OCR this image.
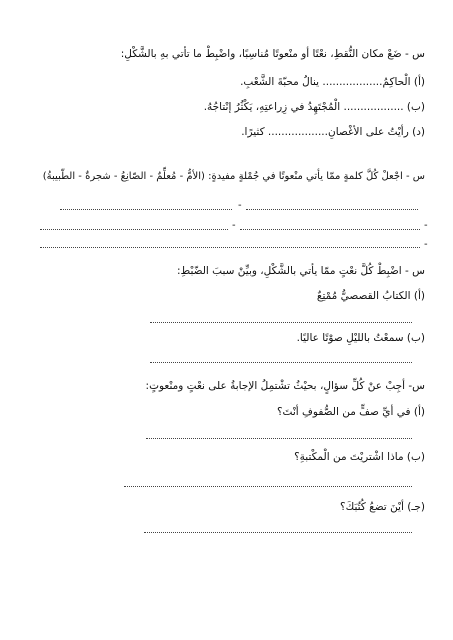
س - ضَعْ مكان النُّقطِ، نعْتًا أو منْعوتًا مُناسِبًا، واضْبِطْ ما تأتي بهِ بالشَّكْلِ:
(أ) الْحاكِمُ.................. ينالُ محبّةَ الشَّعْبِ.
(ب) .................. الْمُجْتَهِدُ في زِراعتِهِ، يَكْثُرُ إنْتاجُهُ.
(د) رأيْتُ على الأغْصانِ.................. كثيرًا.
س - اجْعلْ كُلَّ كلمةٍ ممّا يأتي منْعوتًا في جُمْلةٍ مفيدةٍ: (الأمُّ - مُعلِّمٌ - الصّانِعُ - شجرةٌ - الطّبيبةُ)
-
-	-
-
س - اضْبِطْ كُلَّ نعْتٍ ممّا يأتي بالشَّكْلِ، وبيِّنْ سببَ الضّبْطِ:
(أ) الكتابُ القصصيُّ مُمْتِعٌ
(ب) سمعْتُ بالليْلِ صوْتًا عاليًا.
س- أجِبْ عنْ كُلِّ سؤالٍ، بحيْثُ تشْتمِلُ الإجابةُ على نعْتٍ ومنْعوتٍ:
(أ) في أيِّ صفٍّ من الصُّفوفِ أنْتَ؟
(ب) ماذا اشْتريْتَ من الْمكْتبةِ؟
(جـ) أيْنَ تضعُ كُتُبَكَ؟
